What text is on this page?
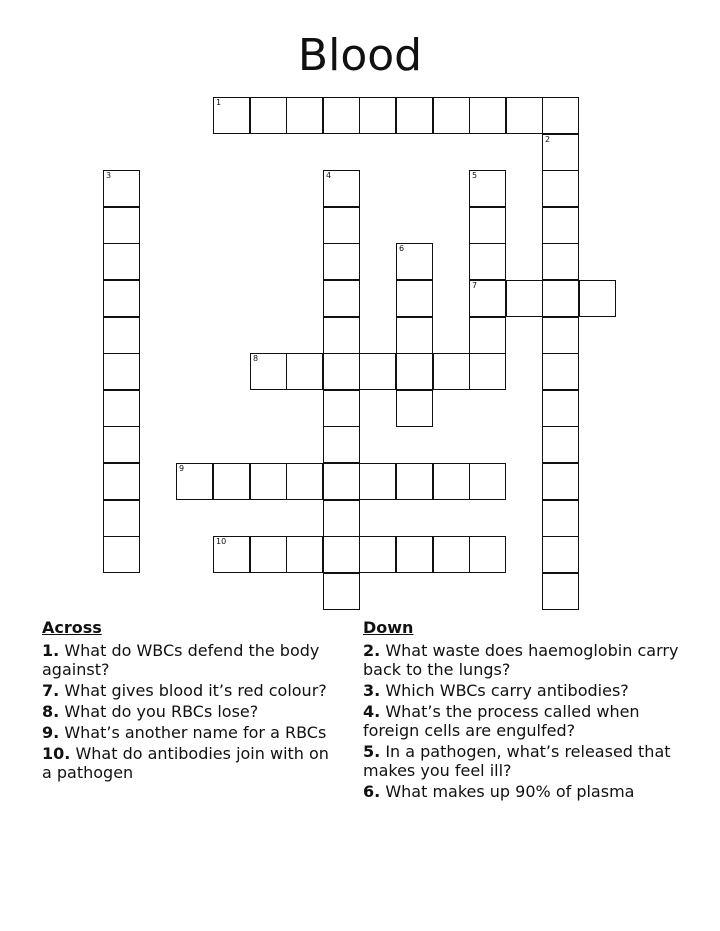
Blood
1
2
3	4	5
6
7
8
9
10
Across
1. What do WBCs defend the body against?
7. What gives blood it’s red colour?
8. What do you RBCs lose?
9. What’s another name for a RBCs
10. What do antibodies join with on a pathogen
Down
2. What waste does haemoglobin carry back to the lungs?
3. Which WBCs carry antibodies?
4. What’s the process called when foreign cells are engulfed?
5. In a pathogen, what’s released that makes you feel ill?
6. What makes up 90% of plasma
